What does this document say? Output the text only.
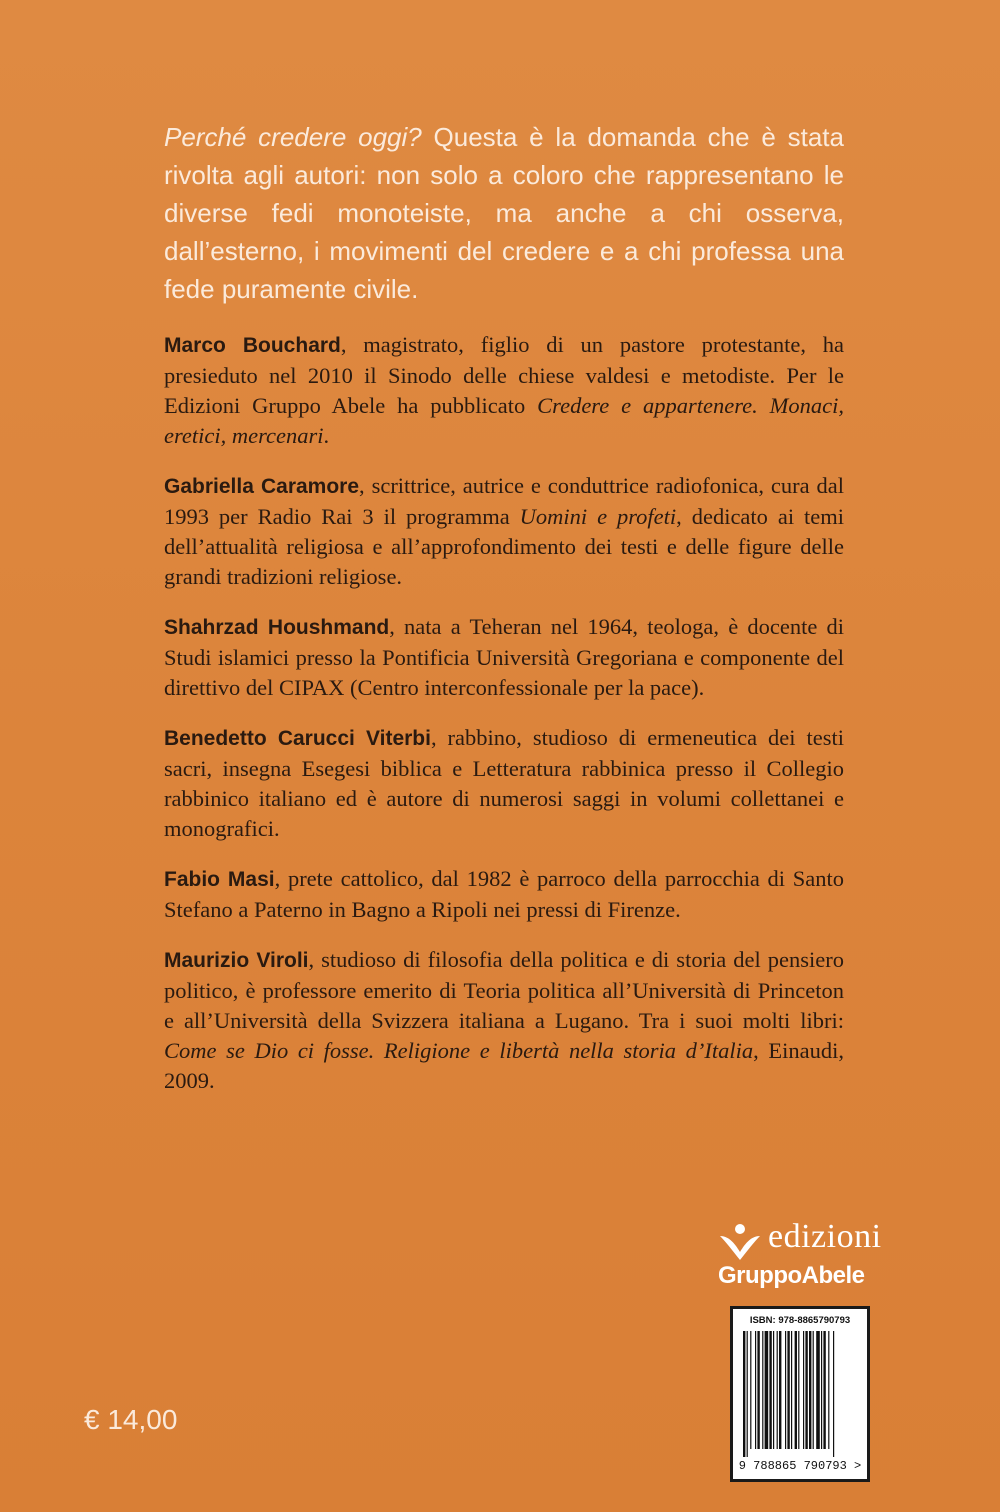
Perché credere oggi? Questa è la domanda che è stata rivolta agli autori: non solo a coloro che rappresentano le diverse fedi monoteiste, ma anche a chi osserva, dall’esterno, i movimenti del credere e a chi professa una fede puramente civile.

Marco Bouchard, magistrato, figlio di un pastore protestante, ha presieduto nel 2010 il Sinodo delle chiese valdesi e metodiste. Per le Edizioni Gruppo Abele ha pubblicato Credere e appartenere. Monaci, eretici, mercenari.

Gabriella Caramore, scrittrice, autrice e conduttrice radiofonica, cura dal 1993 per Radio Rai 3 il programma Uomini e profeti, dedicato ai temi dell’attualità religiosa e all’approfondimento dei testi e delle figure delle grandi tradizioni religiose.

Shahrzad Houshmand, nata a Teheran nel 1964, teologa, è docente di Studi islamici presso la Pontificia Università Gregoriana e componente del direttivo del CIPAX (Centro interconfessionale per la pace).

Benedetto Carucci Viterbi, rabbino, studioso di ermeneutica dei testi sacri, insegna Esegesi biblica e Letteratura rabbinica presso il Collegio rabbinico italiano ed è autore di numerosi saggi in volumi collettanei e monografici.

Fabio Masi, prete cattolico, dal 1982 è parroco della parrocchia di Santo Stefano a Paterno in Bagno a Ripoli nei pressi di Firenze.

Maurizio Viroli, studioso di filosofia della politica e di storia del pensiero politico, è professore emerito di Teoria politica all’Università di Princeton e all’Università della Svizzera italiana a Lugano. Tra i suoi molti libri: Come se Dio ci fosse. Religione e libertà nella storia d’Italia, Einaudi, 2009.

edizioni
GruppoAbele
ISBN: 978-8865790793
9 788865 790793 >
€ 14,00
